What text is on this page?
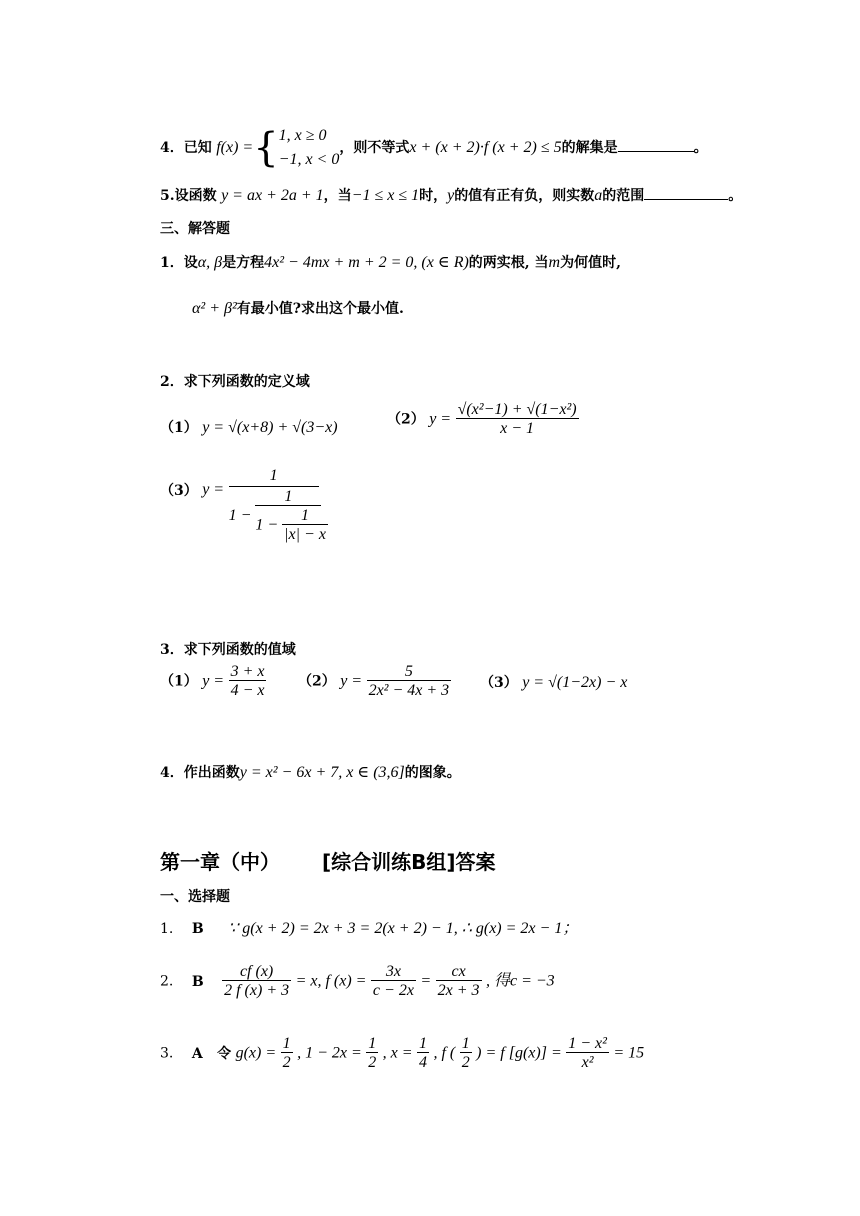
4．已知 f(x) ={ 1, x ≥ 0
−1, x < 0
，则不等式x + (x + 2)·f (x + 2) ≤ 5的解集是	。
5.设函数 y = ax + 2a + 1，当−1 ≤ x ≤ 1时，y的值有正有负，则实数a的范围	。
三、解答题
1．设α, β是方程4x² − 4mx + m + 2 = 0, (x ∈ R)的两实根, 当m为何值时,
α² + β²有最小值?求出这个最小值.
2．求下列函数的定义域
（1） y = √(x+8) + √(3−x)	（2） $y = \frac{\text{√(x²−1) + √(1−x²)}}{x - 1}$
（3） y =
1
$1 - \frac{1}{1 - \frac{1}{|x| - x}}$
3．求下列函数的值域
（1） $y = \frac{3 + x}{4 - x} (2) y = \frac{5}{\text{2x² − 4x + 3}} (3) y = √(1-2x) - x$
4．作出函数y = x² − 6x + 7, x ∈ (3,6]的图象。
第一章（中） [综合训练B组]答案
一、选择题
1. B ∵ g(x + 2) = 2x + 3 = 2(x + 2) − 1, ∴ g(x) = 2x − 1；
2. B $\frac{cf (x)}{2 f (x) + 3} = x$, f $(x) = \frac{3x}{c - 2x} = \frac{cx}{2x + 3}$ , 得c = −3
3. A 令 $g(x) = \frac{1}{2}$ , $1 - 2x = \frac{1}{2}$ , $x = \frac{1}{4}$ , f ( $\frac{1}{2}$ ) = f $[g(x)] = \frac{\text{1 − x²}}{\text{x²}} = 15$
